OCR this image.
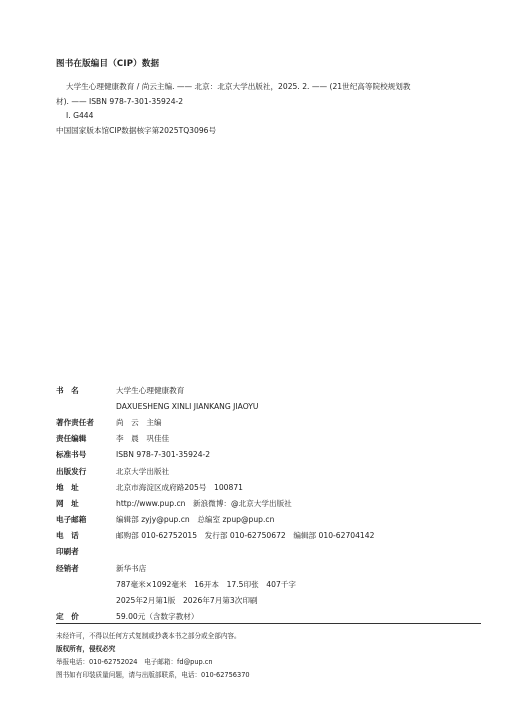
图书在版编目（CIP）数据
大学生心理健康教育 / 尚云主编. —— 北京：北京大学出版社，2025. 2. —— (21世纪高等院校规划教
材). —— ISBN 978-7-301-35924-2
Ⅰ. G444
中国国家版本馆CIP数据核字第2025TQ3096号
书　名	大学生心理健康教育
DAXUESHENG XINLI JIANKANG JIAOYU
著作责任者	尚　云　主编
责任编辑	李　晨　巩佳佳
标准书号	ISBN 978-7-301-35924-2
出版发行	北京大学出版社
地　址	北京市海淀区成府路205号　100871
网　址	http://www.pup.cn　新浪微博：@北京大学出版社
电子邮箱	编辑部 zyjy@pup.cn　总编室 zpup@pup.cn
电　话	邮购部 010-62752015　发行部 010-62750672　编辑部 010-62704142
印刷者
经销者	新华书店
787毫米×1092毫米　16开本　17.5印张　407千字
2025年2月第1版　2026年7月第3次印刷
定　价	59.00元（含数字教材）
未经许可，不得以任何方式复制或抄袭本书之部分或全部内容。
版权所有，侵权必究
举报电话：010-62752024　电子邮箱：fd@pup.cn
图书如有印装质量问题，请与出版部联系，电话：010-62756370
